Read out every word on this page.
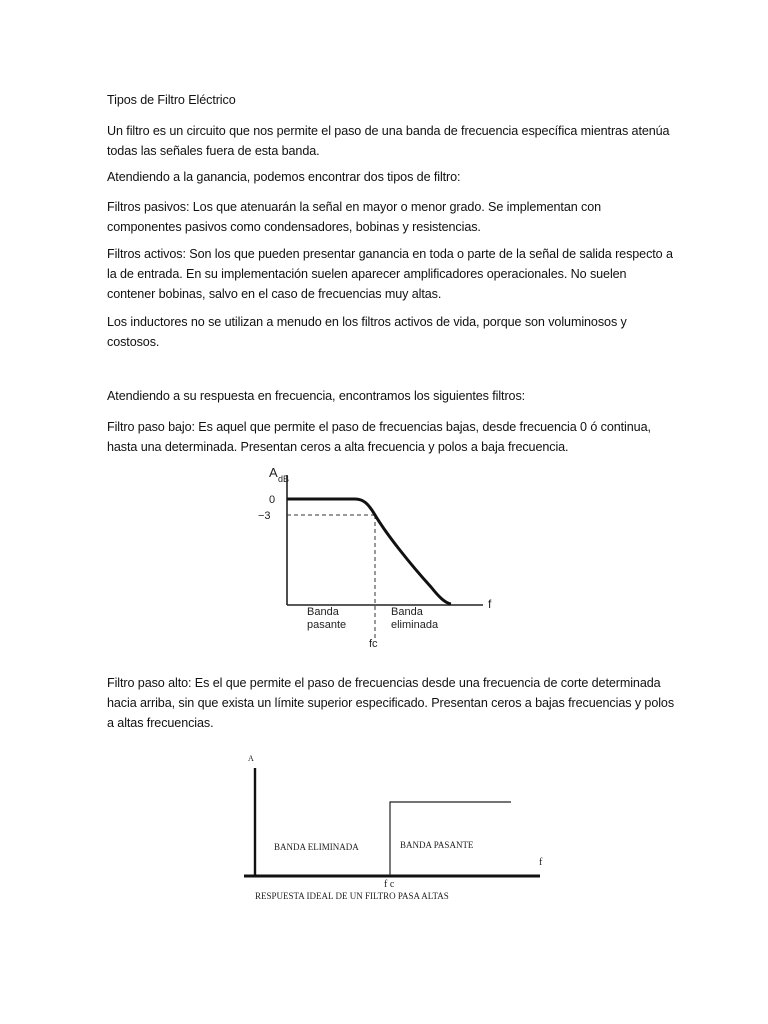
Tipos de Filtro Eléctrico

Un filtro es un circuito que nos permite el paso de una banda de frecuencia específica mientras atenúa todas las señales fuera de esta banda.

Atendiendo a la ganancia, podemos encontrar dos tipos de filtro:

Filtros pasivos: Los que atenuarán la señal en mayor o menor grado. Se implementan con componentes pasivos como condensadores, bobinas y resistencias.

Filtros activos: Son los que pueden presentar ganancia en toda o parte de la señal de salida respecto a la de entrada. En su implementación suelen aparecer amplificadores operacionales. No suelen contener bobinas, salvo en el caso de frecuencias muy altas.

Los inductores no se utilizan a menudo en los filtros activos de vida, porque son voluminosos y costosos.

Atendiendo a su respuesta en frecuencia, encontramos los siguientes filtros:

Filtro paso bajo: Es aquel que permite el paso de frecuencias bajas, desde frecuencia 0 ó continua, hasta una determinada. Presentan ceros a alta frecuencia y polos a baja frecuencia.

A dB
0
−3
f
Banda
pasante
Banda
eliminada
fc

Filtro paso alto: Es el que permite el paso de frecuencias desde una frecuencia de corte determinada hacia arriba, sin que exista un límite superior especificado. Presentan ceros a bajas frecuencias y polos a altas frecuencias.

A
f
BANDA ELIMINADA	BANDA PASANTE
f c
RESPUESTA IDEAL DE UN FILTRO PASA ALTAS
